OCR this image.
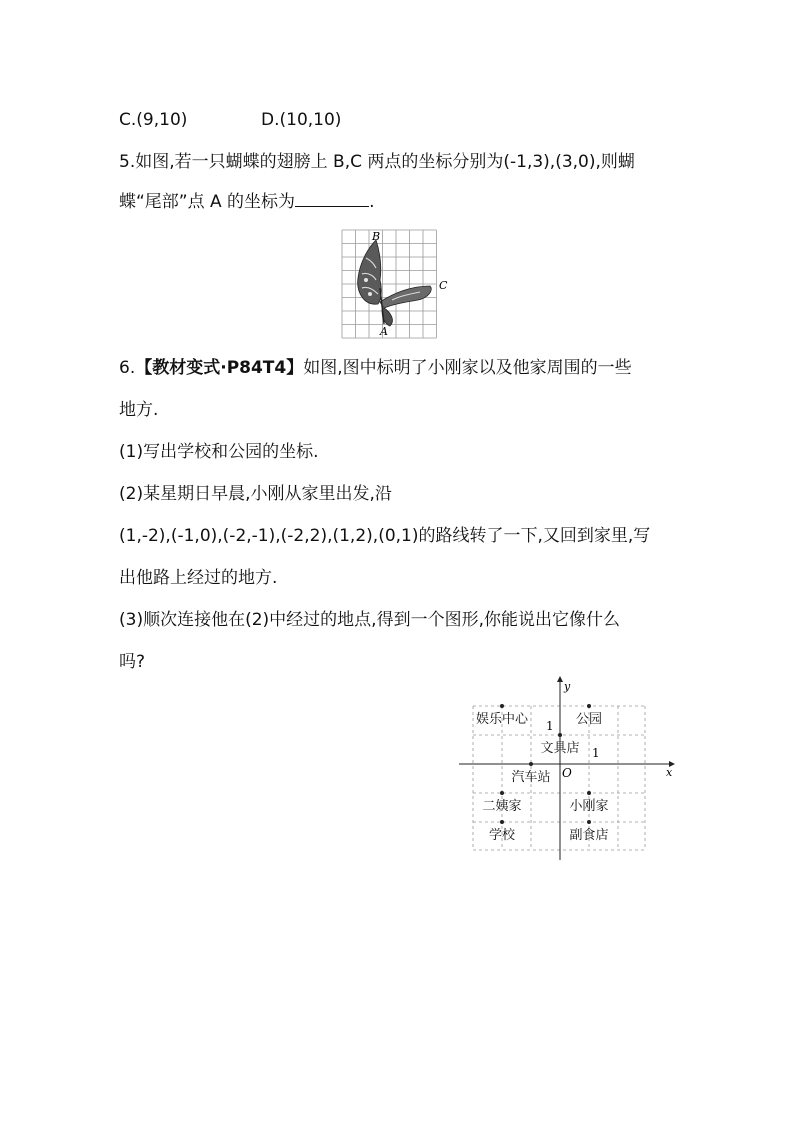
C.(9,10)	D.(10,10)
5.如图,若一只蝴蝶的翅膀上 B,C 两点的坐标分别为(-1,3),(3,0),则蝴
蝶“尾部”点 A 的坐标为	.
B
C
A
6.【教材变式·P84T4】如图,图中标明了小刚家以及他家周围的一些
地方.
(1)写出学校和公园的坐标.
(2)某星期日早晨,小刚从家里出发,沿
(1,-2),(-1,0),(-2,-1),(-2,2),(1,2),(0,1)的路线转了一下,又回到家里,写
出他路上经过的地方.
(3)顺次连接他在(2)中经过的地点,得到一个图形,你能说出它像什么
吗?
x
y
O
1
1
娱乐中心	公园
文具店
汽车站
二姨家	小刚家
学校	副食店
